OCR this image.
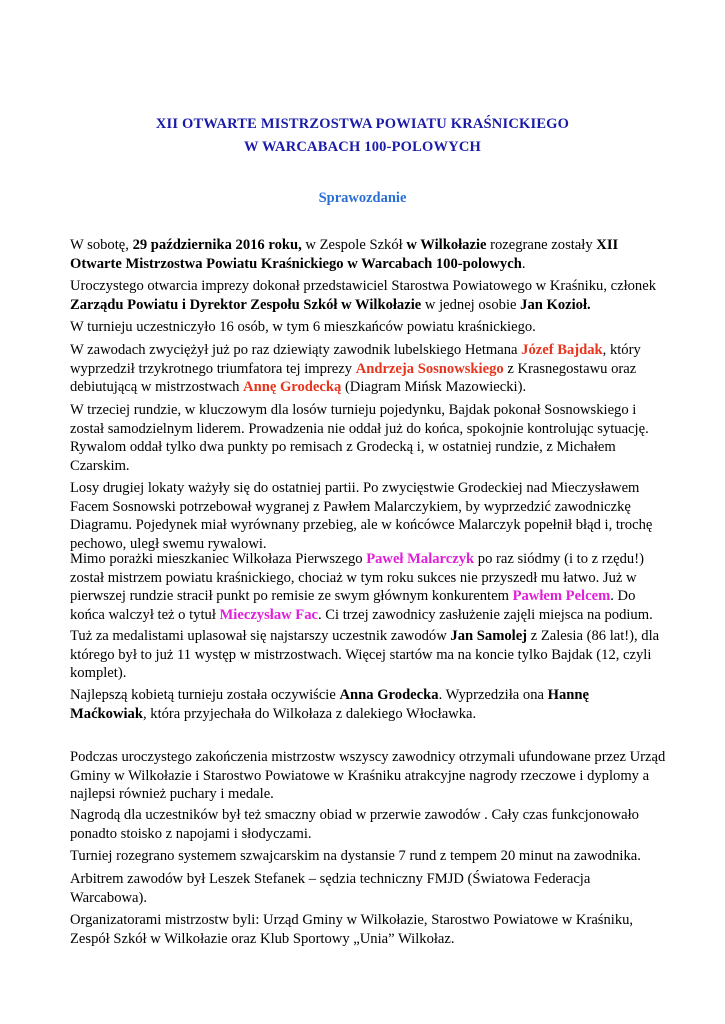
XII OTWARTE MISTRZOSTWA POWIATU KRAŚNICKIEGO
W WARCABACH 100-POLOWYCH
Sprawozdanie

W sobotę, 29 października 2016 roku, w Zespole Szkół w Wilkołazie rozegrane zostały XII Otwarte Mistrzostwa Powiatu Kraśnickiego w Warcabach 100-polowych.

Uroczystego otwarcia imprezy dokonał przedstawiciel Starostwa Powiatowego w Kraśniku, członek Zarządu Powiatu i Dyrektor Zespołu Szkół w Wilkołazie w jednej osobie Jan Kozioł.

W turnieju uczestniczyło 16 osób, w tym 6 mieszkańców powiatu kraśnickiego.

W zawodach zwyciężył już po raz dziewiąty zawodnik lubelskiego Hetmana Józef Bajdak, który wyprzedził trzykrotnego triumfatora tej imprezy Andrzeja Sosnowskiego z Krasnegostawu oraz debiutującą w mistrzostwach Annę Grodecką (Diagram Mińsk Mazowiecki).

W trzeciej rundzie, w kluczowym dla losów turnieju pojedynku, Bajdak pokonał Sosnowskiego i został samodzielnym liderem. Prowadzenia nie oddał już do końca, spokojnie kontrolując sytuację. Rywalom oddał tylko dwa punkty po remisach z Grodecką i, w ostatniej rundzie, z Michałem Czarskim.

Losy drugiej lokaty ważyły się do ostatniej partii. Po zwycięstwie Grodeckiej nad Mieczysławem Facem Sosnowski potrzebował wygranej z Pawłem Malarczykiem, by wyprzedzić zawodniczkę Diagramu. Pojedynek miał wyrównany przebieg, ale w końcówce Malarczyk popełnił błąd i, trochę pechowo, uległ swemu rywalowi.

Mimo porażki mieszkaniec Wilkołaza Pierwszego Paweł Malarczyk po raz siódmy (i to z rzędu!) został mistrzem powiatu kraśnickiego, chociaż w tym roku sukces nie przyszedł mu łatwo. Już w pierwszej rundzie stracił punkt po remisie ze swym głównym konkurentem Pawłem Pelcem. Do końca walczył też o tytuł Mieczysław Fac. Ci trzej zawodnicy zasłużenie zajęli miejsca na podium.

Tuż za medalistami uplasował się najstarszy uczestnik zawodów Jan Samolej z Zalesia (86 lat!), dla którego był to już 11 występ w mistrzostwach. Więcej startów ma na koncie tylko Bajdak (12, czyli komplet).

Najlepszą kobietą turnieju została oczywiście Anna Grodecka. Wyprzedziła ona Hannę Maćkowiak, która przyjechała do Wilkołaza z dalekiego Włocławka.

Podczas uroczystego zakończenia mistrzostw wszyscy zawodnicy otrzymali ufundowane przez Urząd Gminy w Wilkołazie i Starostwo Powiatowe w Kraśniku atrakcyjne nagrody rzeczowe i dyplomy a najlepsi również puchary i medale.

Nagrodą dla uczestników był też smaczny obiad w przerwie zawodów . Cały czas funkcjonowało ponadto stoisko z napojami i słodyczami.

Turniej rozegrano systemem szwajcarskim na dystansie 7 rund z tempem 20 minut na zawodnika.

Arbitrem zawodów był Leszek Stefanek – sędzia techniczny FMJD (Światowa Federacja Warcabowa).

Organizatorami mistrzostw byli: Urząd Gminy w Wilkołazie, Starostwo Powiatowe w Kraśniku, Zespół Szkół w Wilkołazie oraz Klub Sportowy „Unia” Wilkołaz.
